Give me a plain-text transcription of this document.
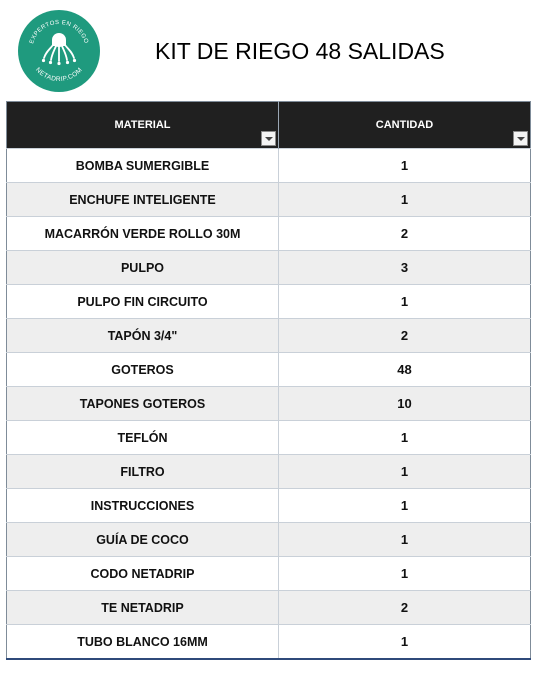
EXPERTOS EN RIEGO
NETADRIP.COM
KIT DE RIEGO 48 SALIDAS
MATERIAL	CANTIDAD

BOMBA SUMERGIBLE	1
ENCHUFE INTELIGENTE	1
MACARRÓN VERDE ROLLO 30M	2
PULPO	3
PULPO FIN CIRCUITO	1
TAPÓN 3/4"	2
GOTEROS	48
TAPONES GOTEROS	10
TEFLÓN	1
FILTRO	1
INSTRUCCIONES	1
GUÍA DE COCO	1
CODO NETADRIP	1
TE NETADRIP	2
TUBO BLANCO 16MM	1
